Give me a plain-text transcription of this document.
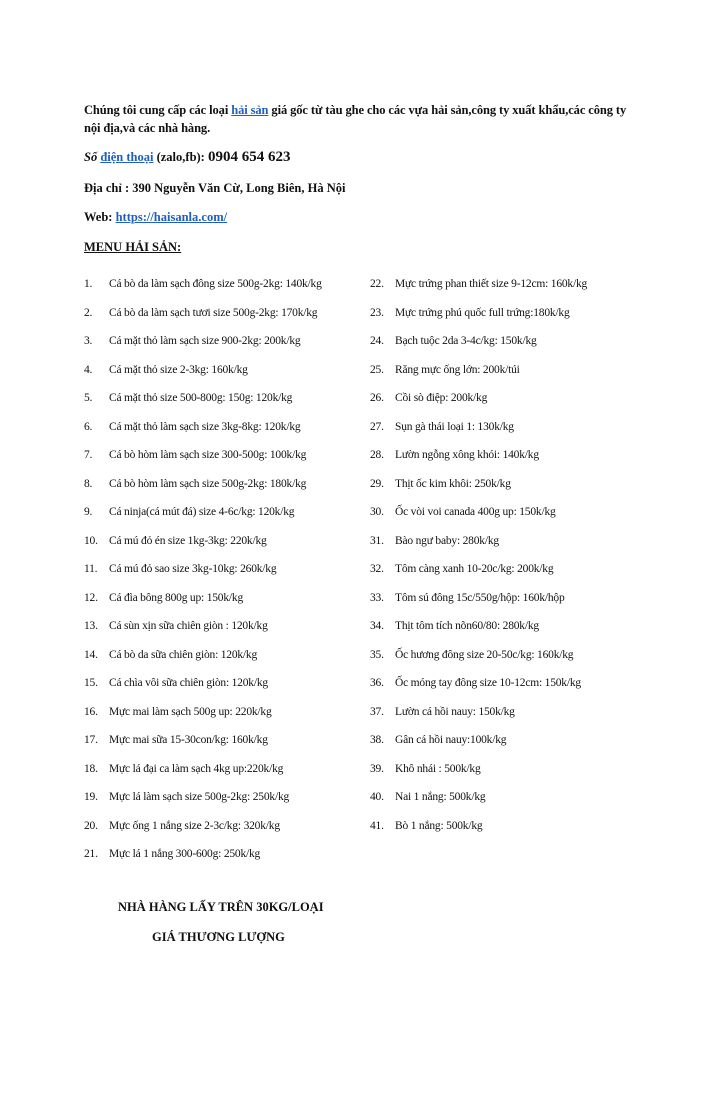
Chúng tôi cung cấp các loại hải sản giá gốc từ tàu ghe cho các vựa hải sản,công ty xuất khẩu,các công ty nội địa,và các nhà hàng.
Số điện thoại (zalo,fb): 0904 654 623
Địa chỉ : 390 Nguyễn Văn Cừ, Long Biên, Hà Nội
Web: https://haisanla.com/
MENU HẢI SẢN:
1.	Cá bò da làm sạch đông size 500g-2kg: 140k/kg
2.	Cá bò da làm sạch tươi size 500g-2kg: 170k/kg
3.	Cá mặt thỏ làm sạch size 900-2kg: 200k/kg
4.	Cá mặt thỏ size 2-3kg: 160k/kg
5.	Cá mặt thỏ size 500-800g: 150g: 120k/kg
6.	Cá mặt thỏ làm sạch size 3kg-8kg: 120k/kg
7.	Cá bò hòm làm sạch size 300-500g: 100k/kg
8.	Cá bò hòm làm sạch size 500g-2kg: 180k/kg
9.	Cá ninja(cá mút đá) size 4-6c/kg: 120k/kg
10. Cá mú đỏ én size 1kg-3kg: 220k/kg
11.	Cá mú đỏ sao size 3kg-10kg: 260k/kg
12. Cá đìa bông 800g up: 150k/kg
13. Cá sùn xịn sữa chiên giòn : 120k/kg
14. Cá bò da sữa chiên giòn: 120k/kg
15. Cá chìa vôi sữa chiên giòn: 120k/kg
16. Mực mai làm sạch 500g up: 220k/kg
17. Mực mai sữa 15-30con/kg: 160k/kg
18. Mực lá đại ca làm sạch 4kg up:220k/kg
19. Mực lá làm sạch size 500g-2kg: 250k/kg
20. Mực ống 1 nắng size 2-3c/kg: 320k/kg
21. Mực lá 1 nắng 300-600g: 250k/kg
22. Mực trứng phan thiết size 9-12cm: 160k/kg
23. Mực trứng phú quốc full trứng:180k/kg
24. Bạch tuộc 2da 3-4c/kg: 150k/kg
25. Răng mực ống lớn: 200k/túi
26. Cồi sò điệp: 200k/kg
27. Sụn gà thái loại 1: 130k/kg
28. Lườn ngỗng xông khói: 140k/kg
29. Thịt ốc kim khôi: 250k/kg
30. Ốc vòi voi canada 400g up: 150k/kg
31. Bào ngư baby: 280k/kg
32. Tôm càng xanh 10-20c/kg: 200k/kg
33. Tôm sú đông 15c/550g/hộp: 160k/hộp
34. Thịt tôm tích nõn60/80: 280k/kg
35. Ốc hương đông size 20-50c/kg: 160k/kg
36. Ốc móng tay đông size 10-12cm: 150k/kg
37. Lườn cá hồi nauy: 150k/kg
38. Gân cá hồi nauy:100k/kg
39. Khô nhái : 500k/kg
40. Nai 1 nắng: 500k/kg
41. Bò 1 nắng: 500k/kg
NHÀ HÀNG LẤY TRÊN 30KG/LOẠI
GIÁ THƯƠNG LƯỢNG
